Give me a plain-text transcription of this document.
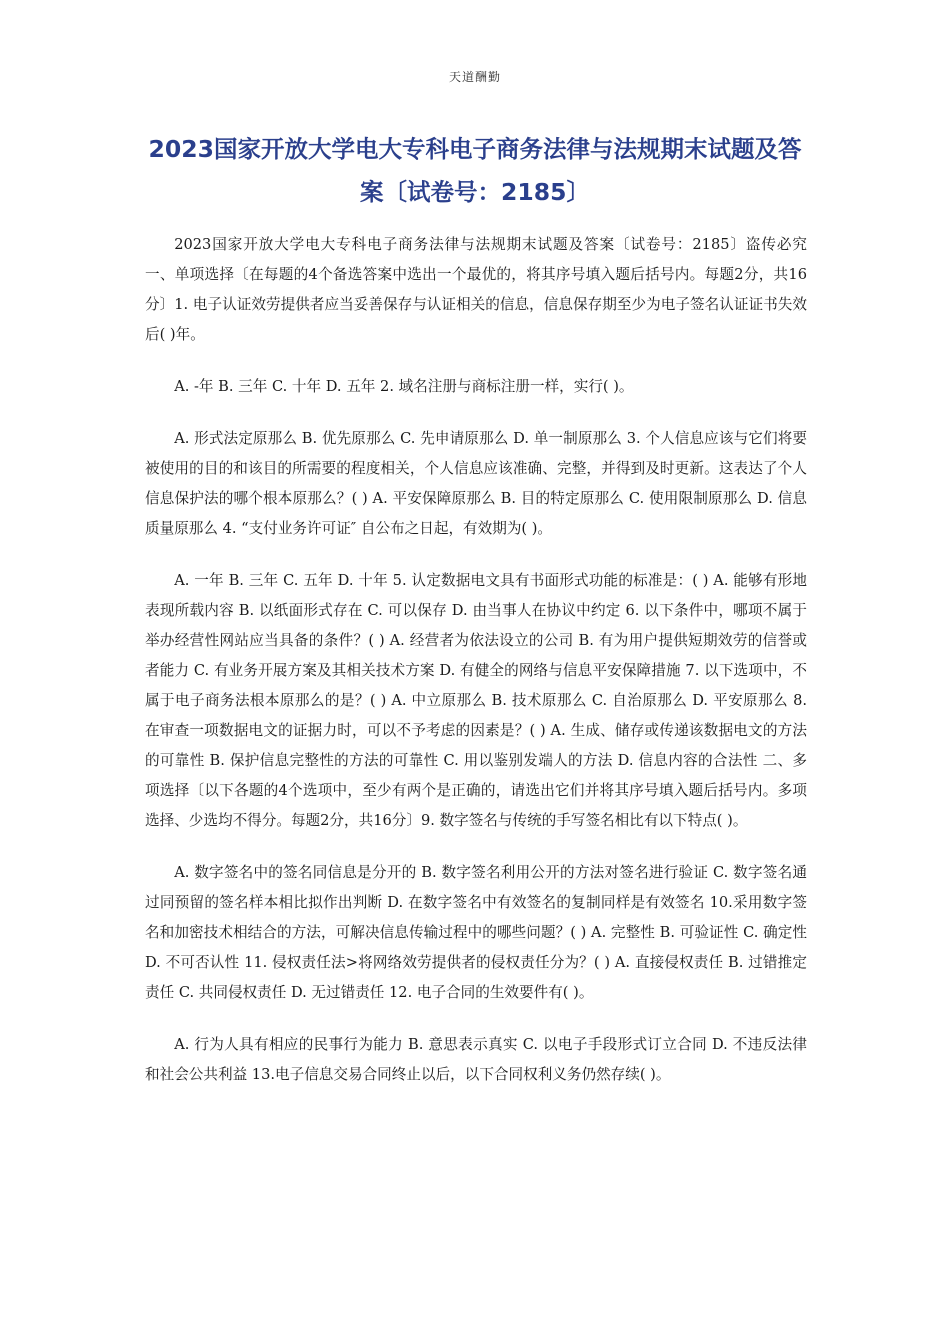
天道酬勤
2023国家开放大学电大专科电子商务法律与法规期末试题及答案〔试卷号：2185〕

2023国家开放大学电大专科电子商务法律与法规期末试题及答案〔试卷号：2185〕盗传必究 一、单项选择〔在每题的4个备选答案中选出一个最优的，将其序号填入题后括号内。每题2分，共16分〕1. 电子认证效劳提供者应当妥善保存与认证相关的信息，信息保存期至少为电子签名认证证书失效后( )年。

A. -年 B. 三年 C. 十年 D. 五年 2. 域名注册与商标注册一样，实行( )。

A. 形式法定原那么 B. 优先原那么 C. 先申请原那么 D. 单一制原那么 3. 个人信息应该与它们将要被使用的目的和该目的所需要的程度相关，个人信息应该准确、完整，并得到及时更新。这表达了个人信息保护法的哪个根本原那么？( ) A. 平安保障原那么 B. 目的特定原那么 C. 使用限制原那么 D. 信息质量原那么 4. “支付业务许可证″ 自公布之日起，有效期为( )。

A. 一年 B. 三年 C. 五年 D. 十年 5. 认定数据电文具有书面形式功能的标准是：( ) A. 能够有形地表现所载内容 B. 以纸面形式存在 C. 可以保存 D. 由当事人在协议中约定 6. 以下条件中，哪项不属于举办经营性网站应当具备的条件？( ) A. 经营者为依法设立的公司 B. 有为用户提供短期效劳的信誉或者能力 C. 有业务开展方案及其相关技术方案 D. 有健全的网络与信息平安保障措施 7. 以下选项中，不属于电子商务法根本原那么的是？( ) A. 中立原那么 B. 技术原那么 C. 自治原那么 D. 平安原那么 8. 在审查一项数据电文的证据力时，可以不予考虑的因素是？( ) A. 生成、储存或传递该数据电文的方法的可靠性 B. 保护信息完整性的方法的可靠性 C. 用以鉴别发端人的方法 D. 信息内容的合法性 二、多项选择〔以下各题的4个选项中，至少有两个是正确的，请选出它们并将其序号填入题后括号内。多项选择、少选均不得分。每题2分，共16分〕9. 数字签名与传统的手写签名相比有以下特点( )。

A. 数字签名中的签名同信息是分开的 B. 数字签名利用公开的方法对签名进行验证 C. 数字签名通过同预留的签名样本相比拟作出判断 D. 在数字签名中有效签名的复制同样是有效签名 10.采用数字签名和加密技术相结合的方法，可解决信息传输过程中的哪些问题？( ) A. 完整性 B. 可验证性 C. 确定性 D. 不可否认性 11. 侵权责任法>将网络效劳提供者的侵权责任分为？( ) A. 直接侵权责任 B. 过错推定责任 C. 共同侵权责任 D. 无过错责任 12. 电子合同的生效要件有( )。

A. 行为人具有相应的民事行为能力 B. 意思表示真实 C. 以电子手段形式订立合同 D. 不违反法律和社会公共利益 13.电子信息交易合同终止以后，以下合同权利义务仍然存续( )。
